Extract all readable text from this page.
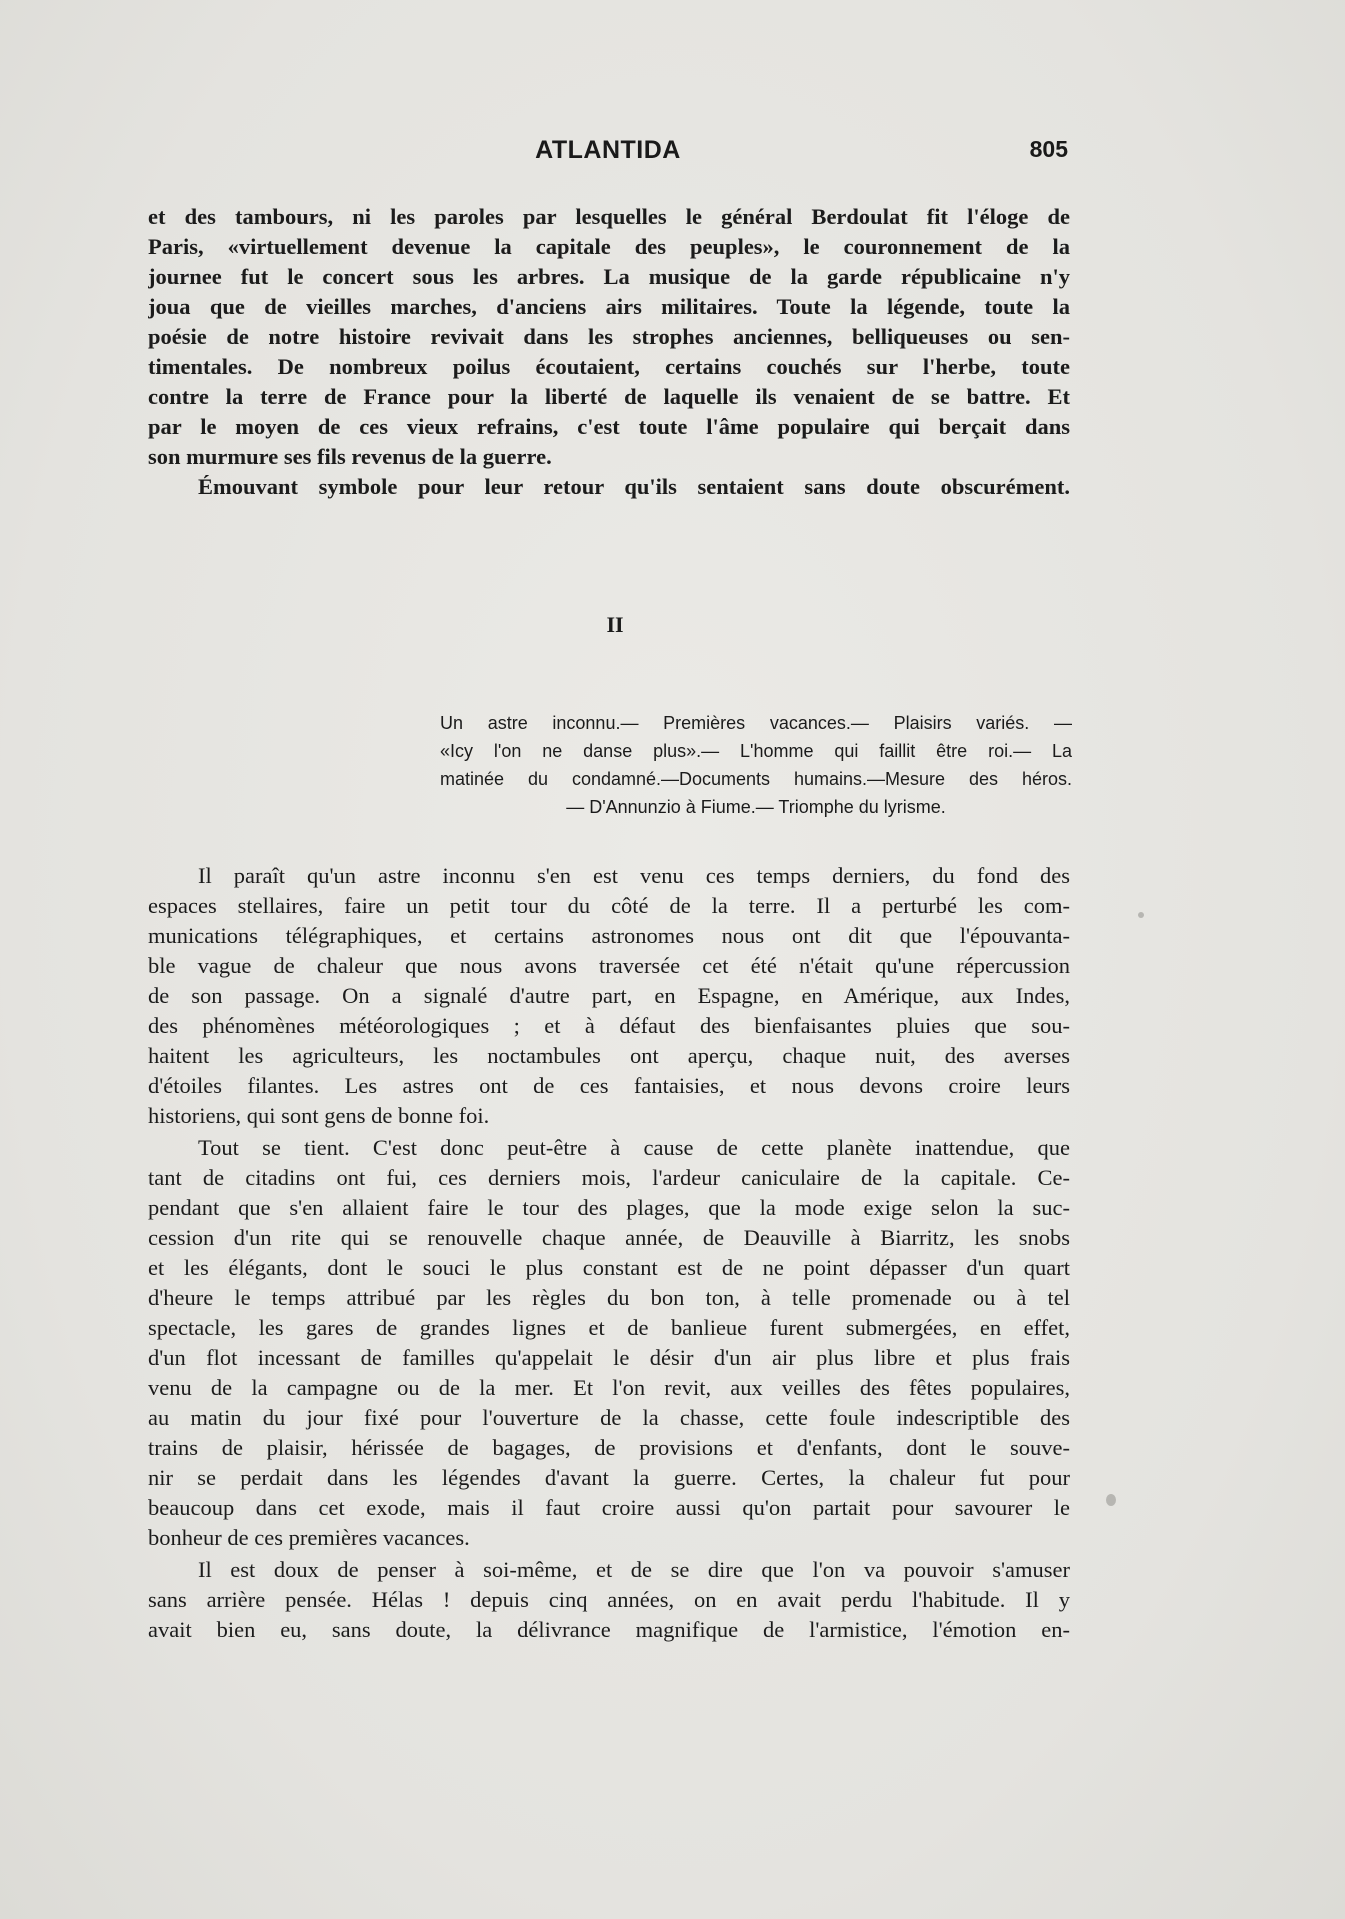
ATLANTIDA	805
et des tambours, ni les paroles par lesquelles le général Berdoulat fit l'éloge de
Paris, «virtuellement devenue la capitale des peuples», le couronnement de la
journee fut le concert sous les arbres. La musique de la garde républicaine n'y
joua que de vieilles marches, d'anciens airs militaires. Toute la légende, toute la
poésie de notre histoire revivait dans les strophes anciennes, belliqueuses ou sen-
timentales. De nombreux poilus écoutaient, certains couchés sur l'herbe, toute
contre la terre de France pour la liberté de laquelle ils venaient de se battre. Et
par le moyen de ces vieux refrains, c'est toute l'âme populaire qui berçait dans
son murmure ses fils revenus de la guerre.
Émouvant symbole pour leur retour qu'ils sentaient sans doute obscurément.
II
Un astre inconnu.— Premières vacances.— Plaisirs variés. —
«Icy l'on ne danse plus».— L'homme qui faillit être roi.— La
matinée du condamné.—Documents humains.—Mesure des héros.
— D'Annunzio à Fiume.— Triomphe du lyrisme.
Il paraît qu'un astre inconnu s'en est venu ces temps derniers, du fond des
espaces stellaires, faire un petit tour du côté de la terre. Il a perturbé les com-
munications télégraphiques, et certains astronomes nous ont dit que l'épouvanta-
ble vague de chaleur que nous avons traversée cet été n'était qu'une répercussion
de son passage. On a signalé d'autre part, en Espagne, en Amérique, aux Indes,
des phénomènes météorologiques ; et à défaut des bienfaisantes pluies que sou-
haitent les agriculteurs, les noctambules ont aperçu, chaque nuit, des averses
d'étoiles filantes. Les astres ont de ces fantaisies, et nous devons croire leurs
historiens, qui sont gens de bonne foi.
Tout se tient. C'est donc peut-être à cause de cette planète inattendue, que
tant de citadins ont fui, ces derniers mois, l'ardeur caniculaire de la capitale. Ce-
pendant que s'en allaient faire le tour des plages, que la mode exige selon la suc-
cession d'un rite qui se renouvelle chaque année, de Deauville à Biarritz, les snobs
et les élégants, dont le souci le plus constant est de ne point dépasser d'un quart
d'heure le temps attribué par les règles du bon ton, à telle promenade ou à tel
spectacle, les gares de grandes lignes et de banlieue furent submergées, en effet,
d'un flot incessant de familles qu'appelait le désir d'un air plus libre et plus frais
venu de la campagne ou de la mer. Et l'on revit, aux veilles des fêtes populaires,
au matin du jour fixé pour l'ouverture de la chasse, cette foule indescriptible des
trains de plaisir, hérissée de bagages, de provisions et d'enfants, dont le souve-
nir se perdait dans les légendes d'avant la guerre. Certes, la chaleur fut pour
beaucoup dans cet exode, mais il faut croire aussi qu'on partait pour savourer le
bonheur de ces premières vacances.
Il est doux de penser à soi-même, et de se dire que l'on va pouvoir s'amuser
sans arrière pensée. Hélas ! depuis cinq années, on en avait perdu l'habitude. Il y
avait bien eu, sans doute, la délivrance magnifique de l'armistice, l'émotion en-
